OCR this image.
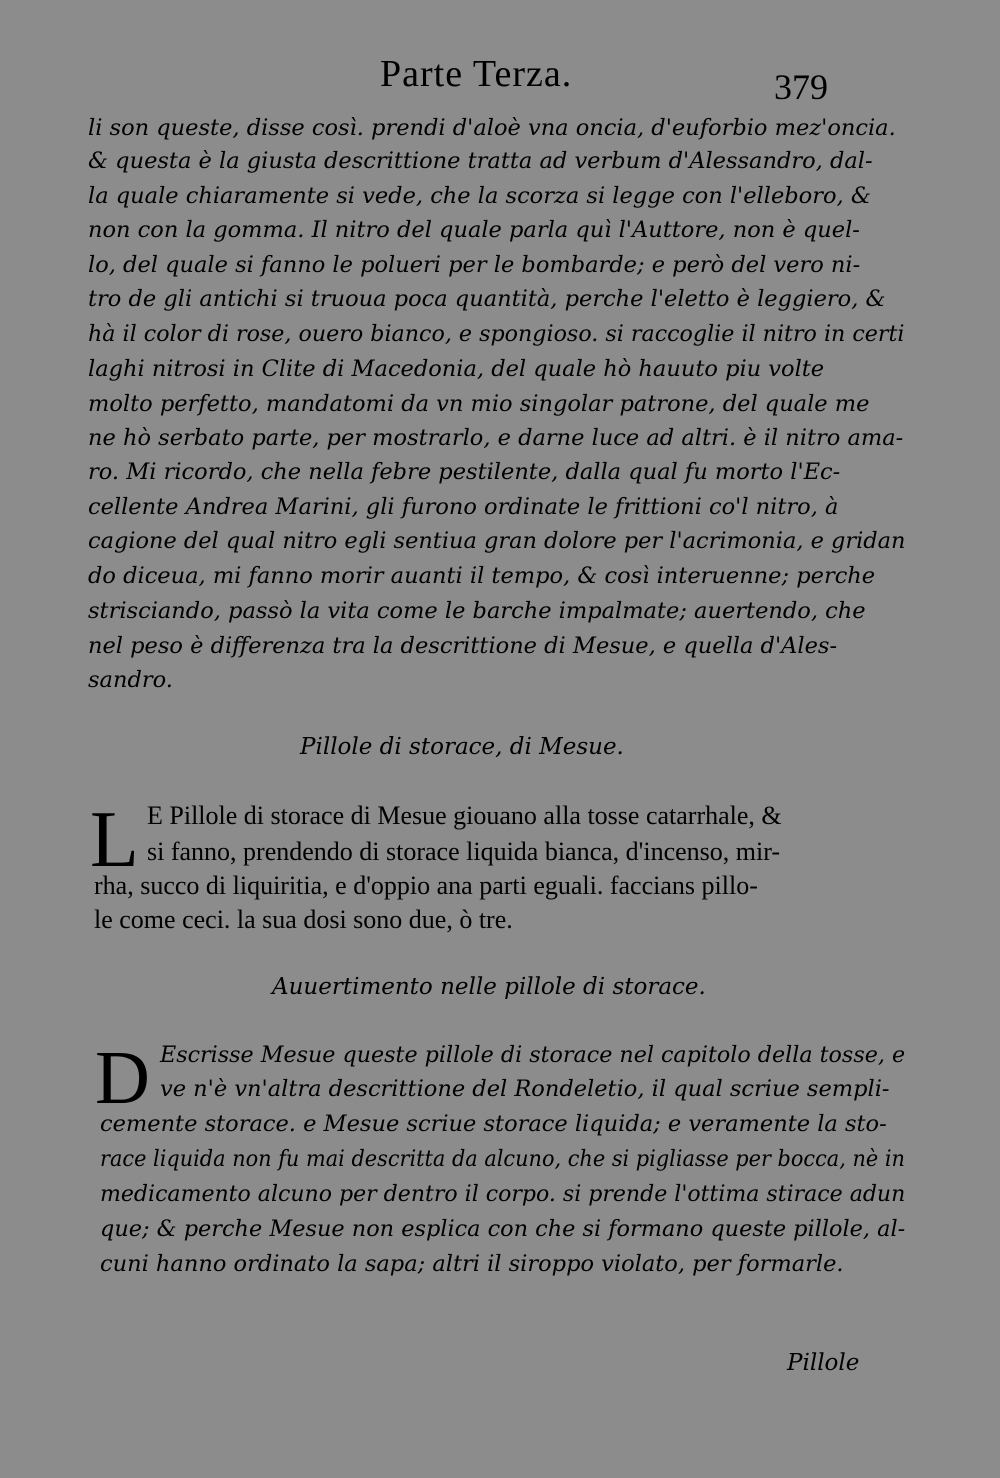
Parte Terza.	379
li son queste, disse così. prendi d'aloè vna oncia, d'euforbio mez'oncia.
& questa è la giusta descrittione tratta ad verbum d'Alessandro, dal-
la quale chiaramente si vede, che la scorza si legge con l'elleboro, &
non con la gomma. Il nitro del quale parla quì l'Auttore, non è quel-
lo, del quale si fanno le polueri per le bombarde; e però del vero ni-
tro de gli antichi si truoua poca quantità, perche l'eletto è leggiero, &
hà il color di rose, ouero bianco, e spongioso. si raccoglie il nitro in certi
laghi nitrosi in Clite di Macedonia, del quale hò hauuto piu volte
molto perfetto, mandatomi da vn mio singolar patrone, del quale me
ne hò serbato parte, per mostrarlo, e darne luce ad altri. è il nitro ama-
ro. Mi ricordo, che nella febre pestilente, dalla qual fu morto l'Ec-
cellente Andrea Marini, gli furono ordinate le frittioni co'l nitro, à
cagione del qual nitro egli sentiua gran dolore per l'acrimonia, e gridan
do diceua, mi fanno morir auanti il tempo, & così interuenne; perche
strisciando, passò la vita come le barche impalmate; auertendo, che
nel peso è differenza tra la descrittione di Mesue, e quella d'Ales-
sandro.
Pillole di storace, di Mesue.
L E Pillole di storace di Mesue giouano alla tosse catarrhale, &
si fanno, prendendo di storace liquida bianca, d'incenso, mir-
rha, succo di liquiritia, e d'oppio ana parti eguali. faccians pillo-
le come ceci. la sua dosi sono due, ò tre.
Auuertimento nelle pillole di storace.
D Escrisse Mesue queste pillole di storace nel capitolo della tosse, e
ve n'è vn'altra descrittione del Rondeletio, il qual scriue sempli-
cemente storace. e Mesue scriue storace liquida; e veramente la sto-
race liquida non fu mai descritta da alcuno, che si pigliasse per bocca, nè in
medicamento alcuno per dentro il corpo. si prende l'ottima stirace adun
que; & perche Mesue non esplica con che si formano queste pillole, al-
cuni hanno ordinato la sapa; altri il siroppo violato, per formarle.
Pillole
